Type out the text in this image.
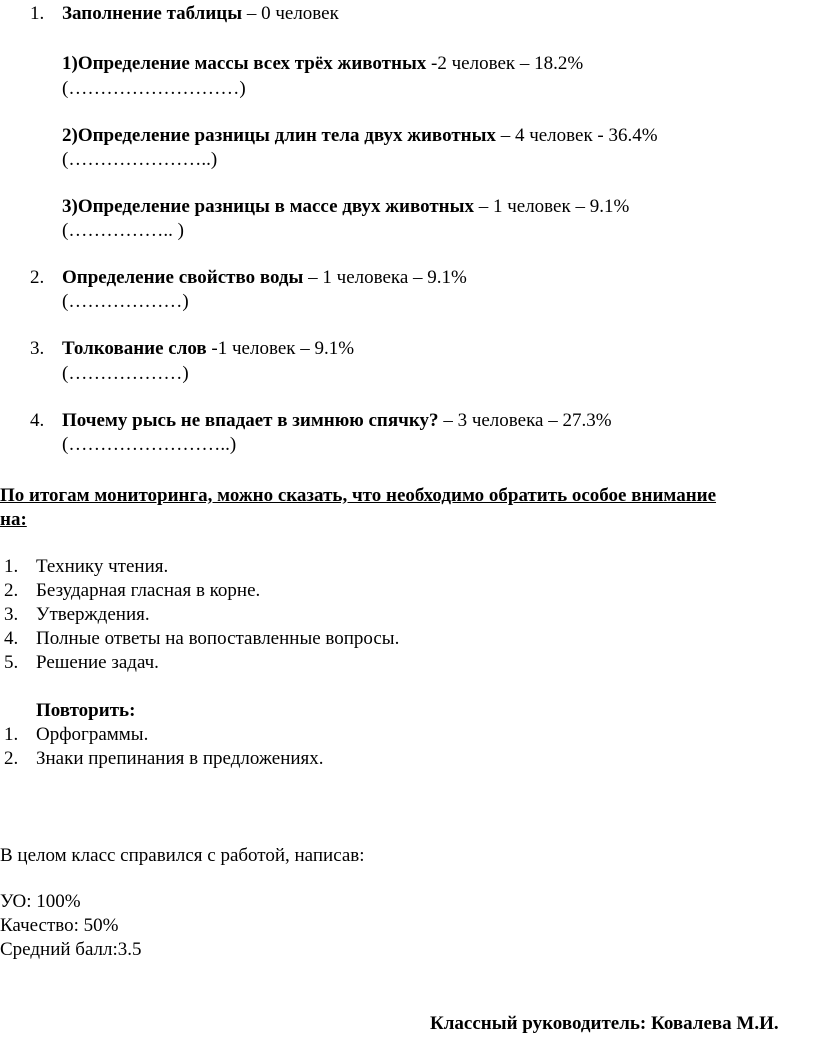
1. Заполнение таблицы – 0 человек
1)Определение массы всех трёх животных -2 человек – 18.2%
(………………………)
2)Определение разницы длин тела двух животных – 4 человек - 36.4%
(…………………..)
3)Определение разницы в массе двух животных – 1 человек – 9.1%
(…………….. )
2. Определение свойство воды – 1 человека – 9.1%
(………………)
3. Толкование слов -1 человек – 9.1%
(………………)
4. Почему рысь не впадает в зимнюю спячку? – 3 человека – 27.3%
(……………………..)
По итогам мониторинга, можно сказать, что необходимо обратить особое внимание
на:
1. Технику чтения.
2. Безударная гласная в корне.
3. Утверждения.
4. Полные ответы на вопоставленные вопросы.
5. Решение задач.
Повторить:
1. Орфограммы.
2. Знаки препинания в предложениях.
В целом класс справился с работой, написав:
УО: 100%
Качество: 50%
Средний балл:3.5
Классный руководитель: Ковалева М.И.
